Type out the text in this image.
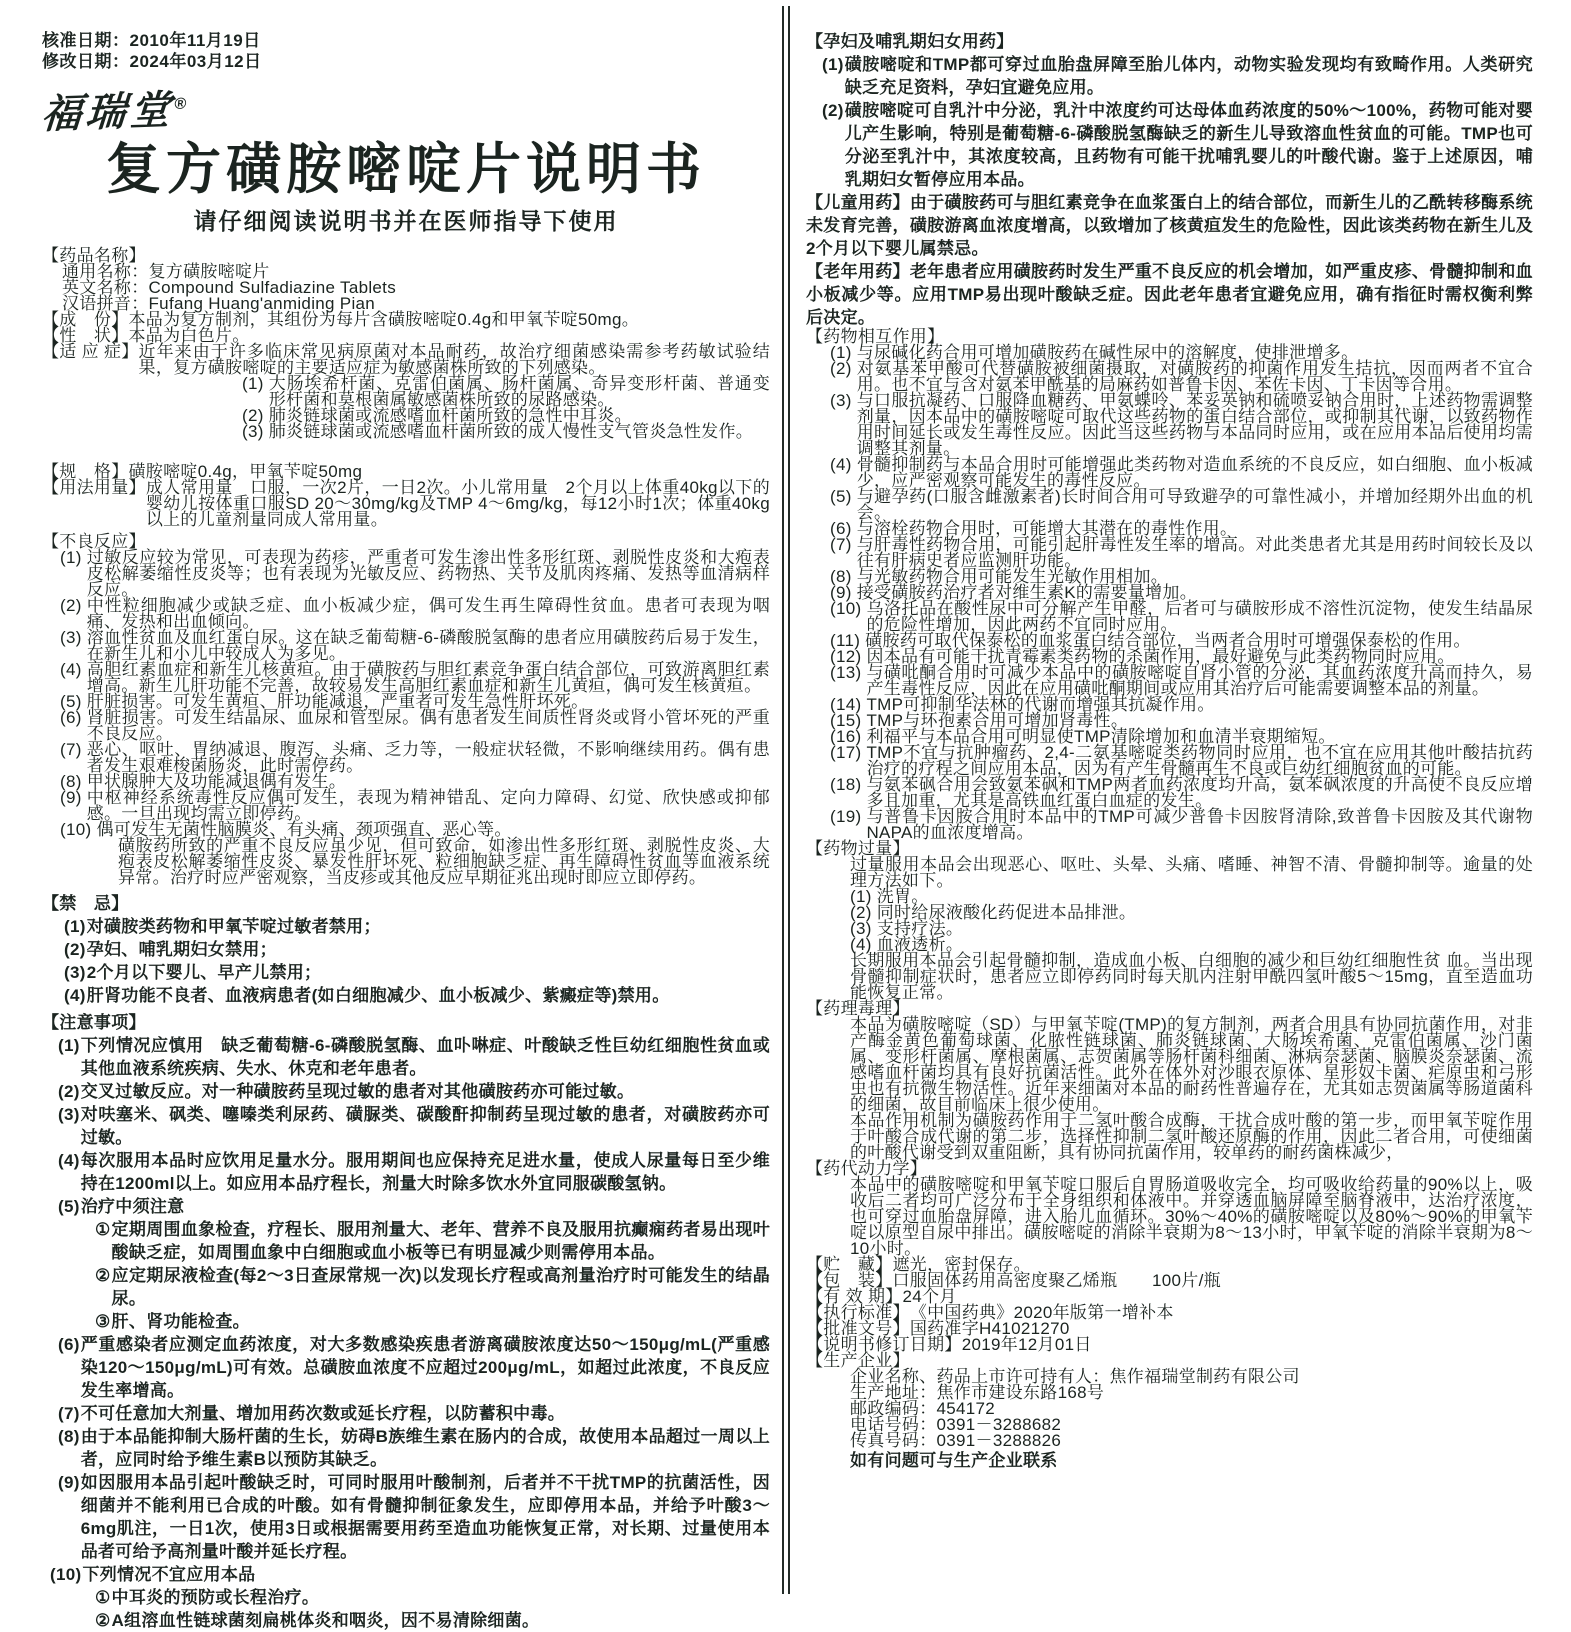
核准日期：2010年11月19日
修改日期：2024年03月12日
福瑞堂®
复方磺胺嘧啶片说明书
请仔细阅读说明书并在医师指导下使用
【药品名称】
通用名称：复方磺胺嘧啶片
英文名称：Compound Sulfadiazine Tablets
汉语拼音：Fufang Huang'anmiding Pian
【成　份】 本品为复方制剂，其组份为每片含磺胺嘧啶0.4g和甲氧苄啶50mg。
【性　状】 本品为白色片。
【适 应 症】 近年来由于许多临床常见病原菌对本品耐药，故治疗细菌感染需参考药敏试验结果，复方磺胺嘧啶的主要适应症为敏感菌株所致的下列感染。
(1) 大肠埃希杆菌、克雷伯菌属、肠杆菌属、奇异变形杆菌、普通变形杆菌和莫根菌属敏感菌株所致的尿路感染。
(2) 肺炎链球菌或流感嗜血杆菌所致的急性中耳炎。
(3) 肺炎链球菌或流感嗜血杆菌所致的成人慢性支气管炎急性发作。
【规　格】 磺胺嘧啶0.4g，甲氧苄啶50mg
【用法用量】 成人常用量　口服，一次2片，一日2次。小儿常用量　2个月以上体重40kg以下的婴幼儿按体重口服SD 20～30mg/kg及TMP 4～6mg/kg，每12小时1次；体重40kg以上的儿童剂量同成人常用量。
【不良反应】
(1) 过敏反应较为常见，可表现为药疹，严重者可发生渗出性多形红斑、剥脱性皮炎和大疱表皮松解萎缩性皮炎等；也有表现为光敏反应、药物热、关节及肌肉疼痛、发热等血清病样反应。
(2) 中性粒细胞减少或缺乏症、血小板减少症，偶可发生再生障碍性贫血。患者可表现为咽痛、发热和出血倾向。
(3) 溶血性贫血及血红蛋白尿。这在缺乏葡萄糖-6-磷酸脱氢酶的患者应用磺胺药后易于发生，在新生儿和小儿中较成人为多见。
(4) 高胆红素血症和新生儿核黄疸。由于磺胺药与胆红素竞争蛋白结合部位，可致游离胆红素增高。新生儿肝功能不完善，故较易发生高胆红素血症和新生儿黄疸，偶可发生核黄疸。
(5) 肝脏损害。可发生黄疸、肝功能减退，严重者可发生急性肝坏死。
(6) 肾脏损害。可发生结晶尿、血尿和管型尿。偶有患者发生间质性肾炎或肾小管坏死的严重不良反应。
(7) 恶心、呕吐、胃纳减退、腹泻、头痛、乏力等，一般症状轻微，不影响继续用药。偶有患者发生艰难梭菌肠炎，此时需停药。
(8) 甲状腺肿大及功能减退偶有发生。
(9) 中枢神经系统毒性反应偶可发生，表现为精神错乱、定向力障碍、幻觉、欣快感或抑郁感。一旦出现均需立即停药。
(10) 偶可发生无菌性脑膜炎、有头痛、颈项强直、恶心等。
磺胺药所致的严重不良反应虽少见，但可致命，如渗出性多形红斑、剥脱性皮炎、大疱表皮松解萎缩性皮炎、暴发性肝坏死、粒细胞缺乏症、再生障碍性贫血等血液系统异常。治疗时应严密观察，当皮疹或其他反应早期征兆出现时即应立即停药。
【禁　忌】
(1) 对磺胺类药物和甲氧苄啶过敏者禁用；
(2) 孕妇、哺乳期妇女禁用；
(3) 2个月以下婴儿、早产儿禁用；
(4) 肝肾功能不良者、血液病患者(如白细胞减少、血小板减少、紫癜症等)禁用。
【注意事项】
(1) 下列情况应慎用　缺乏葡萄糖-6-磷酸脱氢酶、血卟啉症、叶酸缺乏性巨幼红细胞性贫血或其他血液系统疾病、失水、休克和老年患者。
(2) 交叉过敏反应。对一种磺胺药呈现过敏的患者对其他磺胺药亦可能过敏。
(3) 对呋塞米、砜类、噻嗪类利尿药、磺脲类、碳酸酐抑制药呈现过敏的患者，对磺胺药亦可过敏。
(4) 每次服用本品时应饮用足量水分。服用期间也应保持充足进水量，使成人尿量每日至少维持在1200ml以上。如应用本品疗程长，剂量大时除多饮水外宜同服碳酸氢钠。
(5) 治疗中须注意
① 定期周围血象检查，疗程长、服用剂量大、老年、营养不良及服用抗癫痫药者易出现叶酸缺乏症，如周围血象中白细胞或血小板等已有明显减少则需停用本品。
② 应定期尿液检查(每2～3日查尿常规一次)以发现长疗程或高剂量治疗时可能发生的结晶尿。
③ 肝、肾功能检查。
(6) 严重感染者应测定血药浓度，对大多数感染疾患者游离磺胺浓度达50～150μg/mL(严重感染120～150μg/mL)可有效。总磺胺血浓度不应超过200μg/mL，如超过此浓度，不良反应发生率增高。
(7) 不可任意加大剂量、增加用药次数或延长疗程，以防蓄积中毒。
(8) 由于本品能抑制大肠杆菌的生长，妨碍B族维生素在肠内的合成，故使用本品超过一周以上者，应同时给予维生素B以预防其缺乏。
(9) 如因服用本品引起叶酸缺乏时，可同时服用叶酸制剂，后者并不干扰TMP的抗菌活性，因细菌并不能利用已合成的叶酸。如有骨髓抑制征象发生，应即停用本品，并给予叶酸3～6mg肌注，一日1次，使用3日或根据需要用药至造血功能恢复正常，对长期、过量使用本品者可给予高剂量叶酸并延长疗程。
(10) 下列情况不宜应用本品
① 中耳炎的预防或长程治疗。
② A组溶血性链球菌刻扁桃体炎和咽炎，因不易清除细菌。
【孕妇及哺乳期妇女用药】
(1) 磺胺嘧啶和TMP都可穿过血胎盘屏障至胎儿体内，动物实验发现均有致畸作用。人类研究缺乏充足资料，孕妇宜避免应用。
(2) 磺胺嘧啶可自乳汁中分泌，乳汁中浓度约可达母体血药浓度的50%～100%，药物可能对婴儿产生影响，特别是葡萄糖-6-磷酸脱氢酶缺乏的新生儿导致溶血性贫血的可能。TMP也可分泌至乳汁中，其浓度较高，且药物有可能干扰哺乳婴儿的叶酸代谢。鉴于上述原因，哺乳期妇女暂停应用本品。
【儿童用药】由于磺胺药可与胆红素竞争在血浆蛋白上的结合部位，而新生儿的乙酰转移酶系统未发育完善，磺胺游离血浓度增高，以致增加了核黄疸发生的危险性，因此该类药物在新生儿及2个月以下婴儿属禁忌。
【老年用药】老年患者应用磺胺药时发生严重不良反应的机会增加，如严重皮疹、骨髓抑制和血小板减少等。应用TMP易出现叶酸缺乏症。因此老年患者宜避免应用，确有指征时需权衡利弊后决定。
【药物相互作用】
(1) 与尿碱化药合用可增加磺胺药在碱性尿中的溶解度，使排泄增多。
(2) 对氨基苯甲酸可代替磺胺被细菌摄取，对磺胺药的抑菌作用发生拮抗，因而两者不宜合用。也不宜与含对氨苯甲酰基的局麻药如普鲁卡因、苯佐卡因、丁卡因等合用。
(3) 与口服抗凝药、口服降血糖药、甲氨蝶呤、苯妥英钠和硫喷妥钠合用时，上述药物需调整剂量，因本品中的磺胺嘧啶可取代这些药物的蛋白结合部位，或抑制其代谢，以致药物作用时间延长或发生毒性反应。因此当这些药物与本品同时应用，或在应用本品后使用均需调整其剂量。
(4) 骨髓抑制药与本品合用时可能增强此类药物对造血系统的不良反应，如白细胞、血小板减少，应严密观察可能发生的毒性反应。
(5) 与避孕药(口服含雌激素者)长时间合用可导致避孕的可靠性减小，并增加经期外出血的机会。
(6) 与溶栓药物合用时，可能增大其潜在的毒性作用。
(7) 与肝毒性药物合用，可能引起肝毒性发生率的增高。对此类患者尤其是用药时间较长及以往有肝病史者应监测肝功能。
(8) 与光敏药物合用可能发生光敏作用相加。
(9) 接受磺胺药治疗者对维生素K的需要量增加。
(10) 乌洛托品在酸性尿中可分解产生甲醛，后者可与磺胺形成不溶性沉淀物，使发生结晶尿的危险性增加，因此两药不宜同时应用。
(11) 磺胺药可取代保泰松的血浆蛋白结合部位，当两者合用时可增强保泰松的作用。
(12) 因本品有可能干扰青霉素类药物的杀菌作用，最好避免与此类药物同时应用。
(13) 与磺吡酮合用时可减少本品中的磺胺嘧啶自肾小管的分泌，其血药浓度升高而持久，易产生毒性反应，因此在应用磺吡酮期间或应用其治疗后可能需要调整本品的剂量。
(14) TMP可抑制华法林的代谢而增强其抗凝作用。
(15) TMP与环孢素合用可增加肾毒性。
(16) 利福平与本品合用可明显使TMP清除增加和血清半衰期缩短。
(17) TMP不宜与抗肿瘤药、2,4-二氨基嘧啶类药物同时应用，也不宜在应用其他叶酸拮抗药治疗的疗程之间应用本品，因为有产生骨髓再生不良或巨幼红细胞贫血的可能。
(18) 与氨苯砜合用会致氨苯砜和TMP两者血药浓度均升高，氨苯砜浓度的升高使不良反应增多且加重，尤其是高铁血红蛋白血症的发生。
(19) 与普鲁卡因胺合用时本品中的TMP可减少普鲁卡因胺肾清除,致普鲁卡因胺及其代谢物NAPA的血浓度增高。
【药物过量】
过量服用本品会出现恶心、呕吐、头晕、头痛、嗜睡、神智不清、骨髓抑制等。逾量的处理方法如下。
(1) 洗胃。
(2) 同时给尿液酸化药促进本品排泄。
(3) 支持疗法。
(4) 血液透析。
长期服用本品会引起骨髓抑制，造成血小板、白细胞的减少和巨幼红细胞性贫 血。当出现骨髓抑制症状时，患者应立即停药同时每天肌内注射甲酰四氢叶酸5～15mg，直至造血功能恢复正常。
【药理毒理】
本品为磺胺嘧啶（SD）与甲氧苄啶(TMP)的复方制剂，两者合用具有协同抗菌作用，对非产酶金黄色葡萄球菌、化脓性链球菌、肺炎链球菌、大肠埃希菌、克雷伯菌属、沙门菌属、变形杆菌属、摩根菌属、志贺菌属等肠杆菌科细菌、淋病奈瑟菌、脑膜炎奈瑟菌、流感嗜血杆菌均具有良好抗菌活性。此外在体外对沙眼衣原体、星形奴卡菌、疟原虫和弓形虫也有抗微生物活性。近年来细菌对本品的耐药性普遍存在，尤其如志贺菌属等肠道菌科的细菌，故目前临床上很少使用。
本品作用机制为磺胺药作用于二氢叶酸合成酶，干扰合成叶酸的第一步，而甲氧苄啶作用于叶酸合成代谢的第二步，选择性抑制二氢叶酸还原酶的作用，因此二者合用，可使细菌的叶酸代谢受到双重阻断，具有协同抗菌作用，较单药的耐药菌株减少，
【药代动力学】
本品中的磺胺嘧啶和甲氧苄啶口服后自胃肠道吸收完全，均可吸收给药量的90%以上，吸收后二者均可广泛分布于全身组织和体液中。并穿透血脑屏障至脑脊液中，达治疗浓度，也可穿过血胎盘屏障，进入胎儿血循环。30%～40%的磺胺嘧啶以及80%～90%的甲氧苄啶以原型自尿中排出。磺胺嘧啶的消除半衰期为8～13小时，甲氧苄啶的消除半衰期为8～10小时。
【贮　藏】 遮光，密封保存。
【包　装】 口服固体药用高密度聚乙烯瓶　　100片/瓶
【有 效 期】 24个月
【执行标准】 《中国药典》2020年版第一增补本
【批准文号】 国药准字H41021270
【说明书修订日期】 2019年12月01日
【生产企业】
企业名称、药品上市许可持有人：焦作福瑞堂制药有限公司
生产地址：焦作市建设东路168号
邮政编码：454172
电话号码：0391－3288682
传真号码：0391－3288826
如有问题可与生产企业联系
